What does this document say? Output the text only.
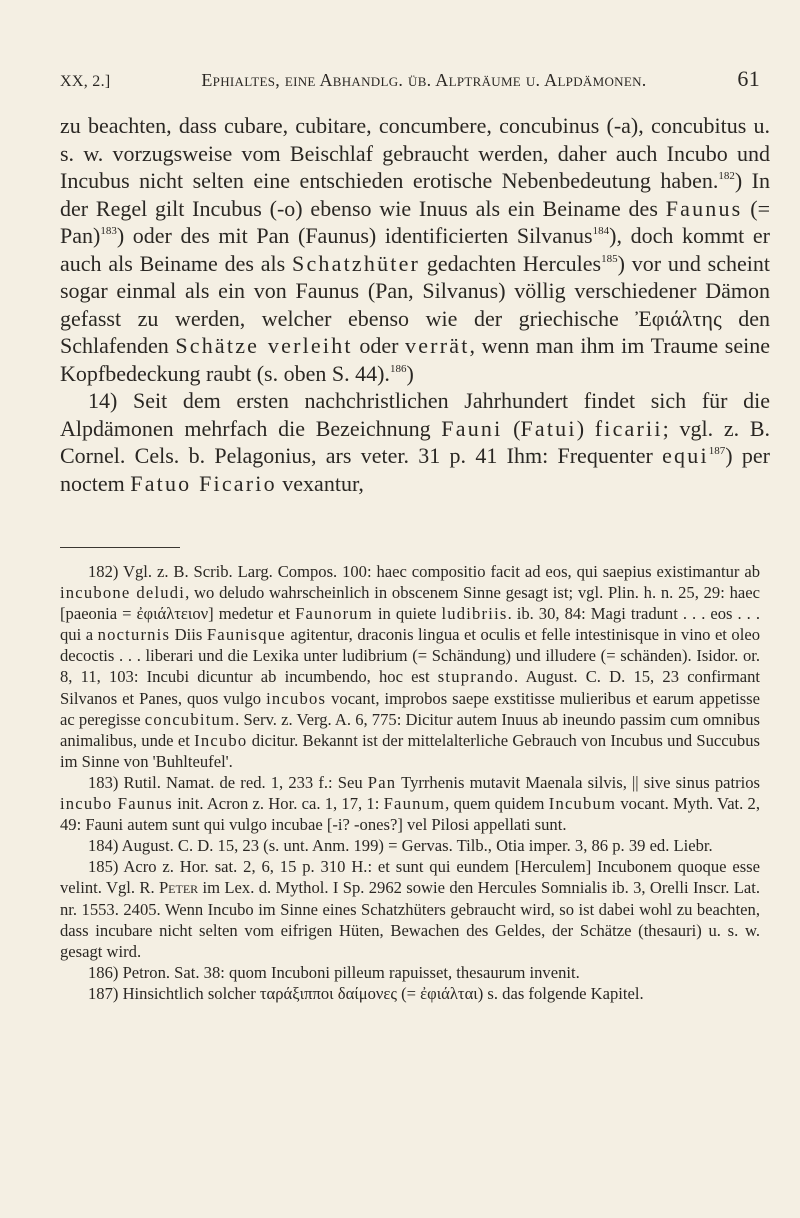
XX, 2.]	Ephialtes, eine Abhandlg. üb. Alpträume u. Alpdämonen.	61

zu beachten, dass cubare, cubitare, concumbere, concubinus (-a), concubitus u. s. w. vorzugsweise vom Beischlaf gebraucht werden, daher auch Incubo und Incubus nicht selten eine entschieden erotische Nebenbedeutung haben.$^{182}$) In der Regel gilt Incubus (-o) ebenso wie Inuus als ein Beiname des Faunus (= Pan)$^{183}$) oder des mit Pan (Faunus) identificierten Silvanus$^{184}$), doch kommt er auch als Beiname des als Schatzhüter gedachten Hercules$^{185}$) vor und scheint sogar einmal als ein von Faunus (Pan, Silvanus) völlig verschiedener Dämon gefasst zu werden, welcher ebenso wie der griechische Ἐφιάλτης den Schlafenden Schätze verleiht oder verrät, wenn man ihm im Traume seine Kopfbedeckung raubt (s. oben S. 44).$^{186}$)

14) Seit dem ersten nachchristlichen Jahrhundert findet sich für die Alpdämonen mehrfach die Bezeichnung Fauni (Fatui) ficarii; vgl. z. B. Cornel. Cels. b. Pelagonius, ars veter. 31 p. 41 Ihm: Frequenter equi$^{187}$) per noctem Fatuo Ficario vexantur,

182) Vgl. z. B. Scrib. Larg. Compos. 100: haec compositio facit ad eos, qui saepius existimantur ab incubone deludi, wo deludo wahrscheinlich in obscenem Sinne gesagt ist; vgl. Plin. h. n. 25, 29: haec [paeonia = ἐφιάλτειον] medetur et Faunorum in quiete ludibriis. ib. 30, 84: Magi tradunt . . . eos . . . qui a nocturnis Diis Faunisque agitentur, draconis lingua et oculis et felle intestinisque in vino et oleo decoctis . . . liberari und die Lexika unter ludibrium (= Schändung) und illudere (= schänden). Isidor. or. 8, 11, 103: Incubi dicuntur ab incumbendo, hoc est stuprando. August. C. D. 15, 23 confirmant Silvanos et Panes, quos vulgo incubos vocant, improbos saepe exstitisse mulieribus et earum appetisse ac peregisse concubitum. Serv. z. Verg. A. 6, 775: Dicitur autem Inuus ab ineundo passim cum omnibus animalibus, unde et Incubo dicitur. Bekannt ist der mittelalterliche Gebrauch von Incubus und Succubus im Sinne von 'Buhlteufel'.

183) Rutil. Namat. de red. 1, 233 f.: Seu Pan Tyrrhenis mutavit Maenala silvis, || sive sinus patrios incubo Faunus init. Acron z. Hor. ca. 1, 17, 1: Faunum, quem quidem Incubum vocant. Myth. Vat. 2, 49: Fauni autem sunt qui vulgo incubae [-i? -ones?] vel Pilosi appellati sunt.

184) August. C. D. 15, 23 (s. unt. Anm. 199) = Gervas. Tilb., Otia imper. 3, 86 p. 39 ed. Liebr.

185) Acro z. Hor. sat. 2, 6, 15 p. 310 H.: et sunt qui eundem [Herculem] Incubonem quoque esse velint. Vgl. R. Peter im Lex. d. Mythol. I Sp. 2962 sowie den Hercules Somnialis ib. 3, Orelli Inscr. Lat. nr. 1553. 2405. Wenn Incubo im Sinne eines Schatzhüters gebraucht wird, so ist dabei wohl zu beachten, dass incubare nicht selten vom eifrigen Hüten, Bewachen des Geldes, der Schätze (thesauri) u. s. w. gesagt wird.

186) Petron. Sat. 38: quom Incuboni pilleum rapuisset, thesaurum invenit.

187) Hinsichtlich solcher ταράξιπποι δαίμονες (= ἐφιάλται) s. das folgende Kapitel.
